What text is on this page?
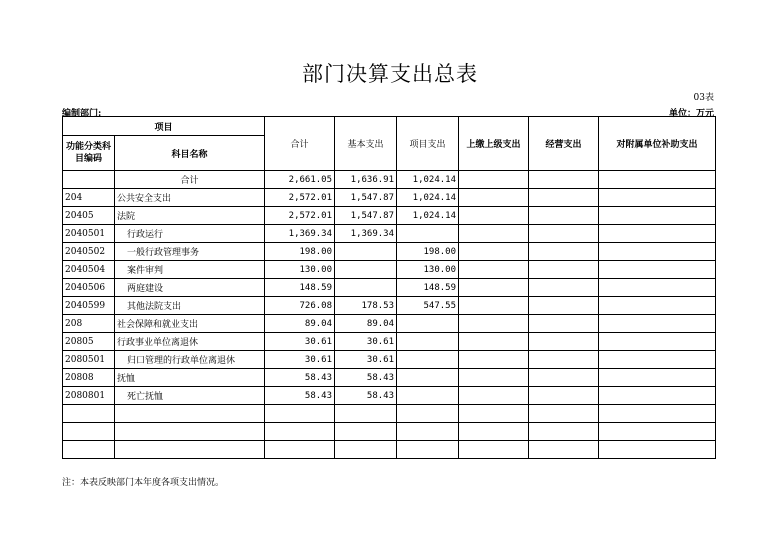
部门决算支出总表
03表
编制部门:	单位：万元
项目		合计	基本支出	项目支出	上缴上级支出	经营支出	对附属单位补助支出
功能分类科目编码	科目名称						
	合计	2,661.05	1,636.91	1,024.14			
204	公共安全支出	2,572.01	1,547.87	1,024.14			
20405	法院	2,572.01	1,547.87	1,024.14			
2040501	行政运行	1,369.34	1,369.34				
2040502	一般行政管理事务	198.00		198.00			
2040504	案件审判	130.00		130.00			
2040506	两庭建设	148.59		148.59			
2040599	其他法院支出	726.08	178.53	547.55			
208	社会保障和就业支出	89.04	89.04				
20805	行政事业单位离退休	30.61	30.61				
2080501	归口管理的行政单位离退休	30.61	30.61				
20808	抚恤	58.43	58.43				
2080801	死亡抚恤	58.43	58.43				

注：本表反映部门本年度各项支出情况。
